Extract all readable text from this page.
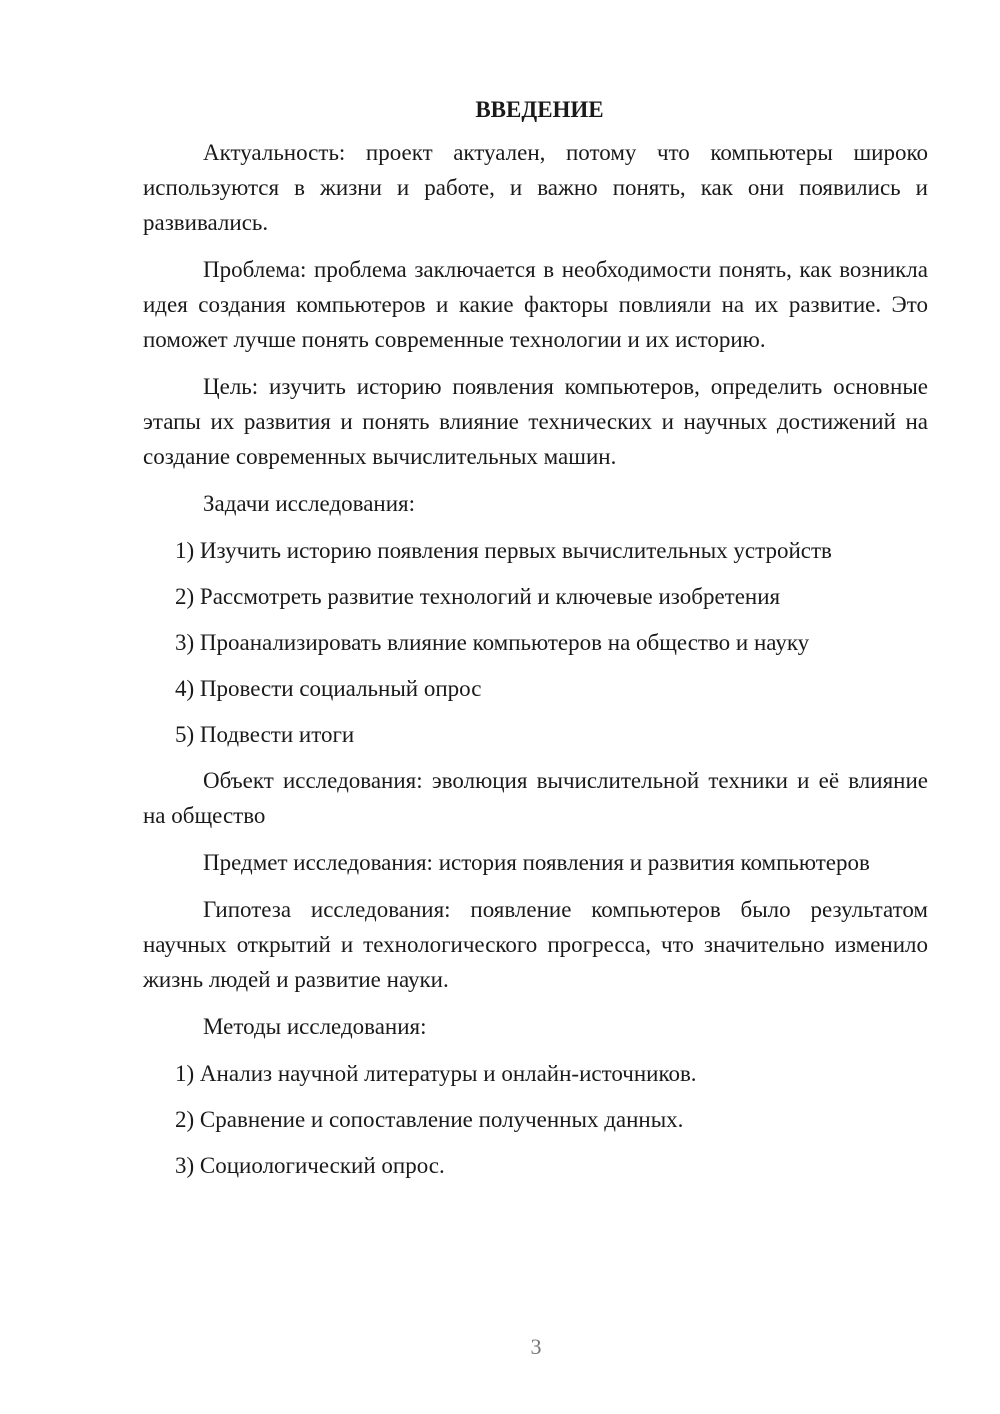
ВВЕДЕНИЕ
Актуальность: проект актуален, потому что компьютеры широко используются в жизни и работе, и важно понять, как они появились и развивались.
Проблема: проблема заключается в необходимости понять, как возникла идея создания компьютеров и какие факторы повлияли на их развитие. Это поможет лучше понять современные технологии и их историю.
Цель: изучить историю появления компьютеров, определить основные этапы их развития и понять влияние технических и научных достижений на создание современных вычислительных машин.
Задачи исследования:
1) Изучить историю появления первых вычислительных устройств
2) Рассмотреть развитие технологий и ключевые изобретения
3) Проанализировать влияние компьютеров на общество и науку
4) Провести социальный опрос
5) Подвести итоги
Объект исследования: эволюция вычислительной техники и её влияние на общество
Предмет исследования: история появления и развития компьютеров
Гипотеза исследования: появление компьютеров было результатом научных открытий и технологического прогресса, что значительно изменило жизнь людей и развитие науки.
Методы исследования:
1) Анализ научной литературы и онлайн-источников.
2) Сравнение и сопоставление полученных данных.
3) Социологический опрос.
3
